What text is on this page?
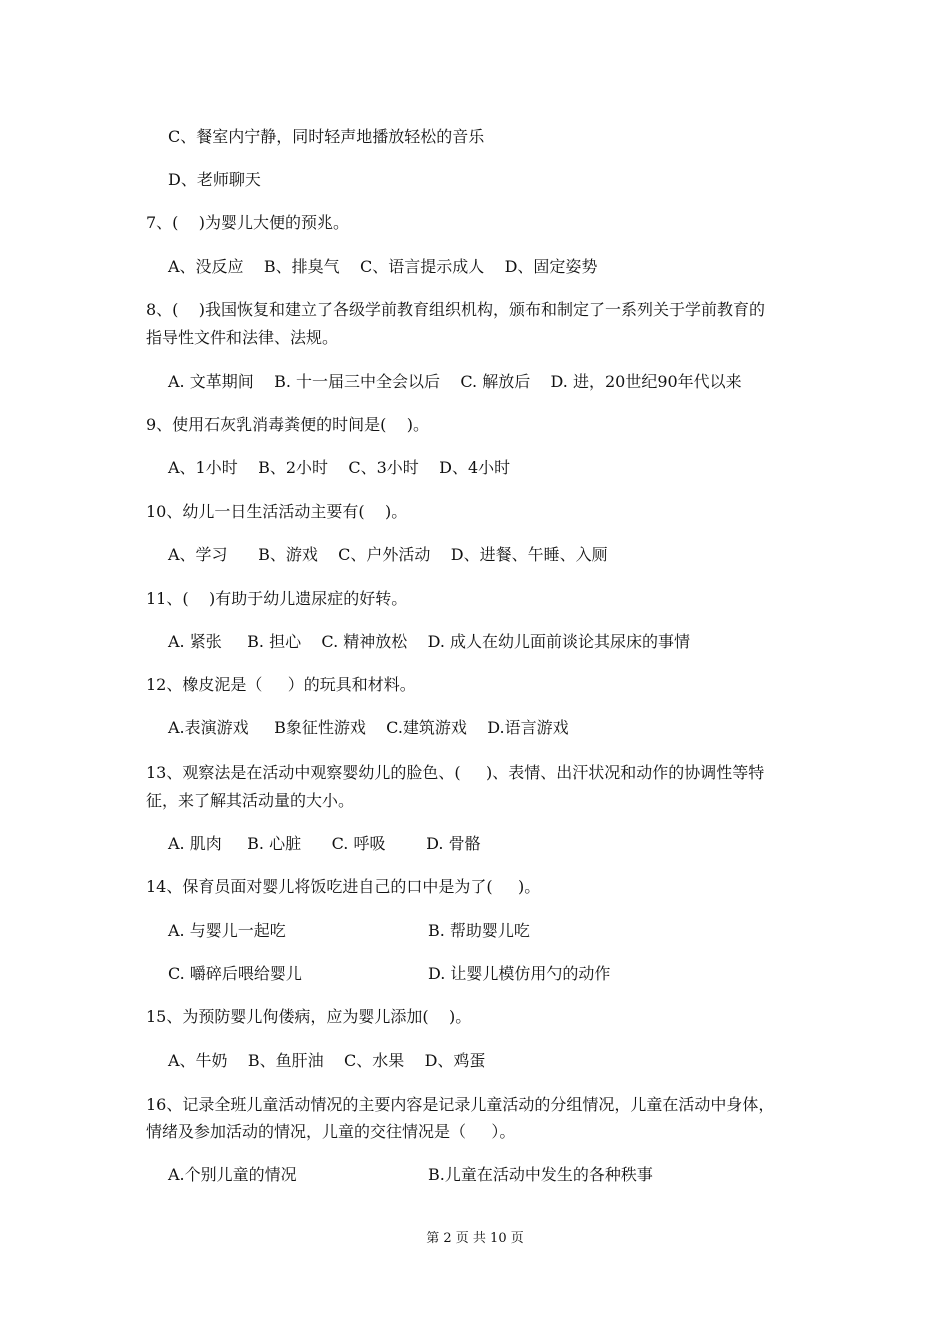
C、餐室内宁静，同时轻声地播放轻松的音乐
D、老师聊天
7、(    )为婴儿大便的预兆。
A、没反应    B、排臭气    C、语言提示成人    D、固定姿势
8、(    )我国恢复和建立了各级学前教育组织机构，颁布和制定了一系列关于学前教育的
指导性文件和法律、法规。
A. 文革期间    B. 十一届三中全会以后    C. 解放后    D. 进，20世纪90年代以来
9、使用石灰乳消毒粪便的时间是(    )。
A、1小时    B、2小时    C、3小时    D、4小时
10、幼儿一日生活活动主要有(    )。
A、学习      B、游戏    C、户外活动    D、进餐、午睡、入厕
11、(    )有助于幼儿遗尿症的好转。
A. 紧张     B. 担心    C. 精神放松    D. 成人在幼儿面前谈论其尿床的事情
12、橡皮泥是（     ）的玩具和材料。
A.表演游戏     B象征性游戏    C.建筑游戏    D.语言游戏
13、观察法是在活动中观察婴幼儿的脸色、(     )、表情、出汗状况和动作的协调性等特
征，来了解其活动量的大小。
A. 肌肉     B. 心脏      C. 呼吸        D. 骨骼
14、保育员面对婴儿将饭吃进自己的口中是为了(     )。
A. 与婴儿一起吃	B. 帮助婴儿吃
C. 嚼碎后喂给婴儿	D. 让婴儿模仿用勺的动作
15、为预防婴儿佝偻病，应为婴儿添加(    )。
A、牛奶    B、鱼肝油    C、水果    D、鸡蛋
16、记录全班儿童活动情况的主要内容是记录儿童活动的分组情况，儿童在活动中身体，
情绪及参加活动的情况，儿童的交往情况是（     ）。
A.个别儿童的情况	B.儿童在活动中发生的各种秩事
第 2 页 共 10 页
